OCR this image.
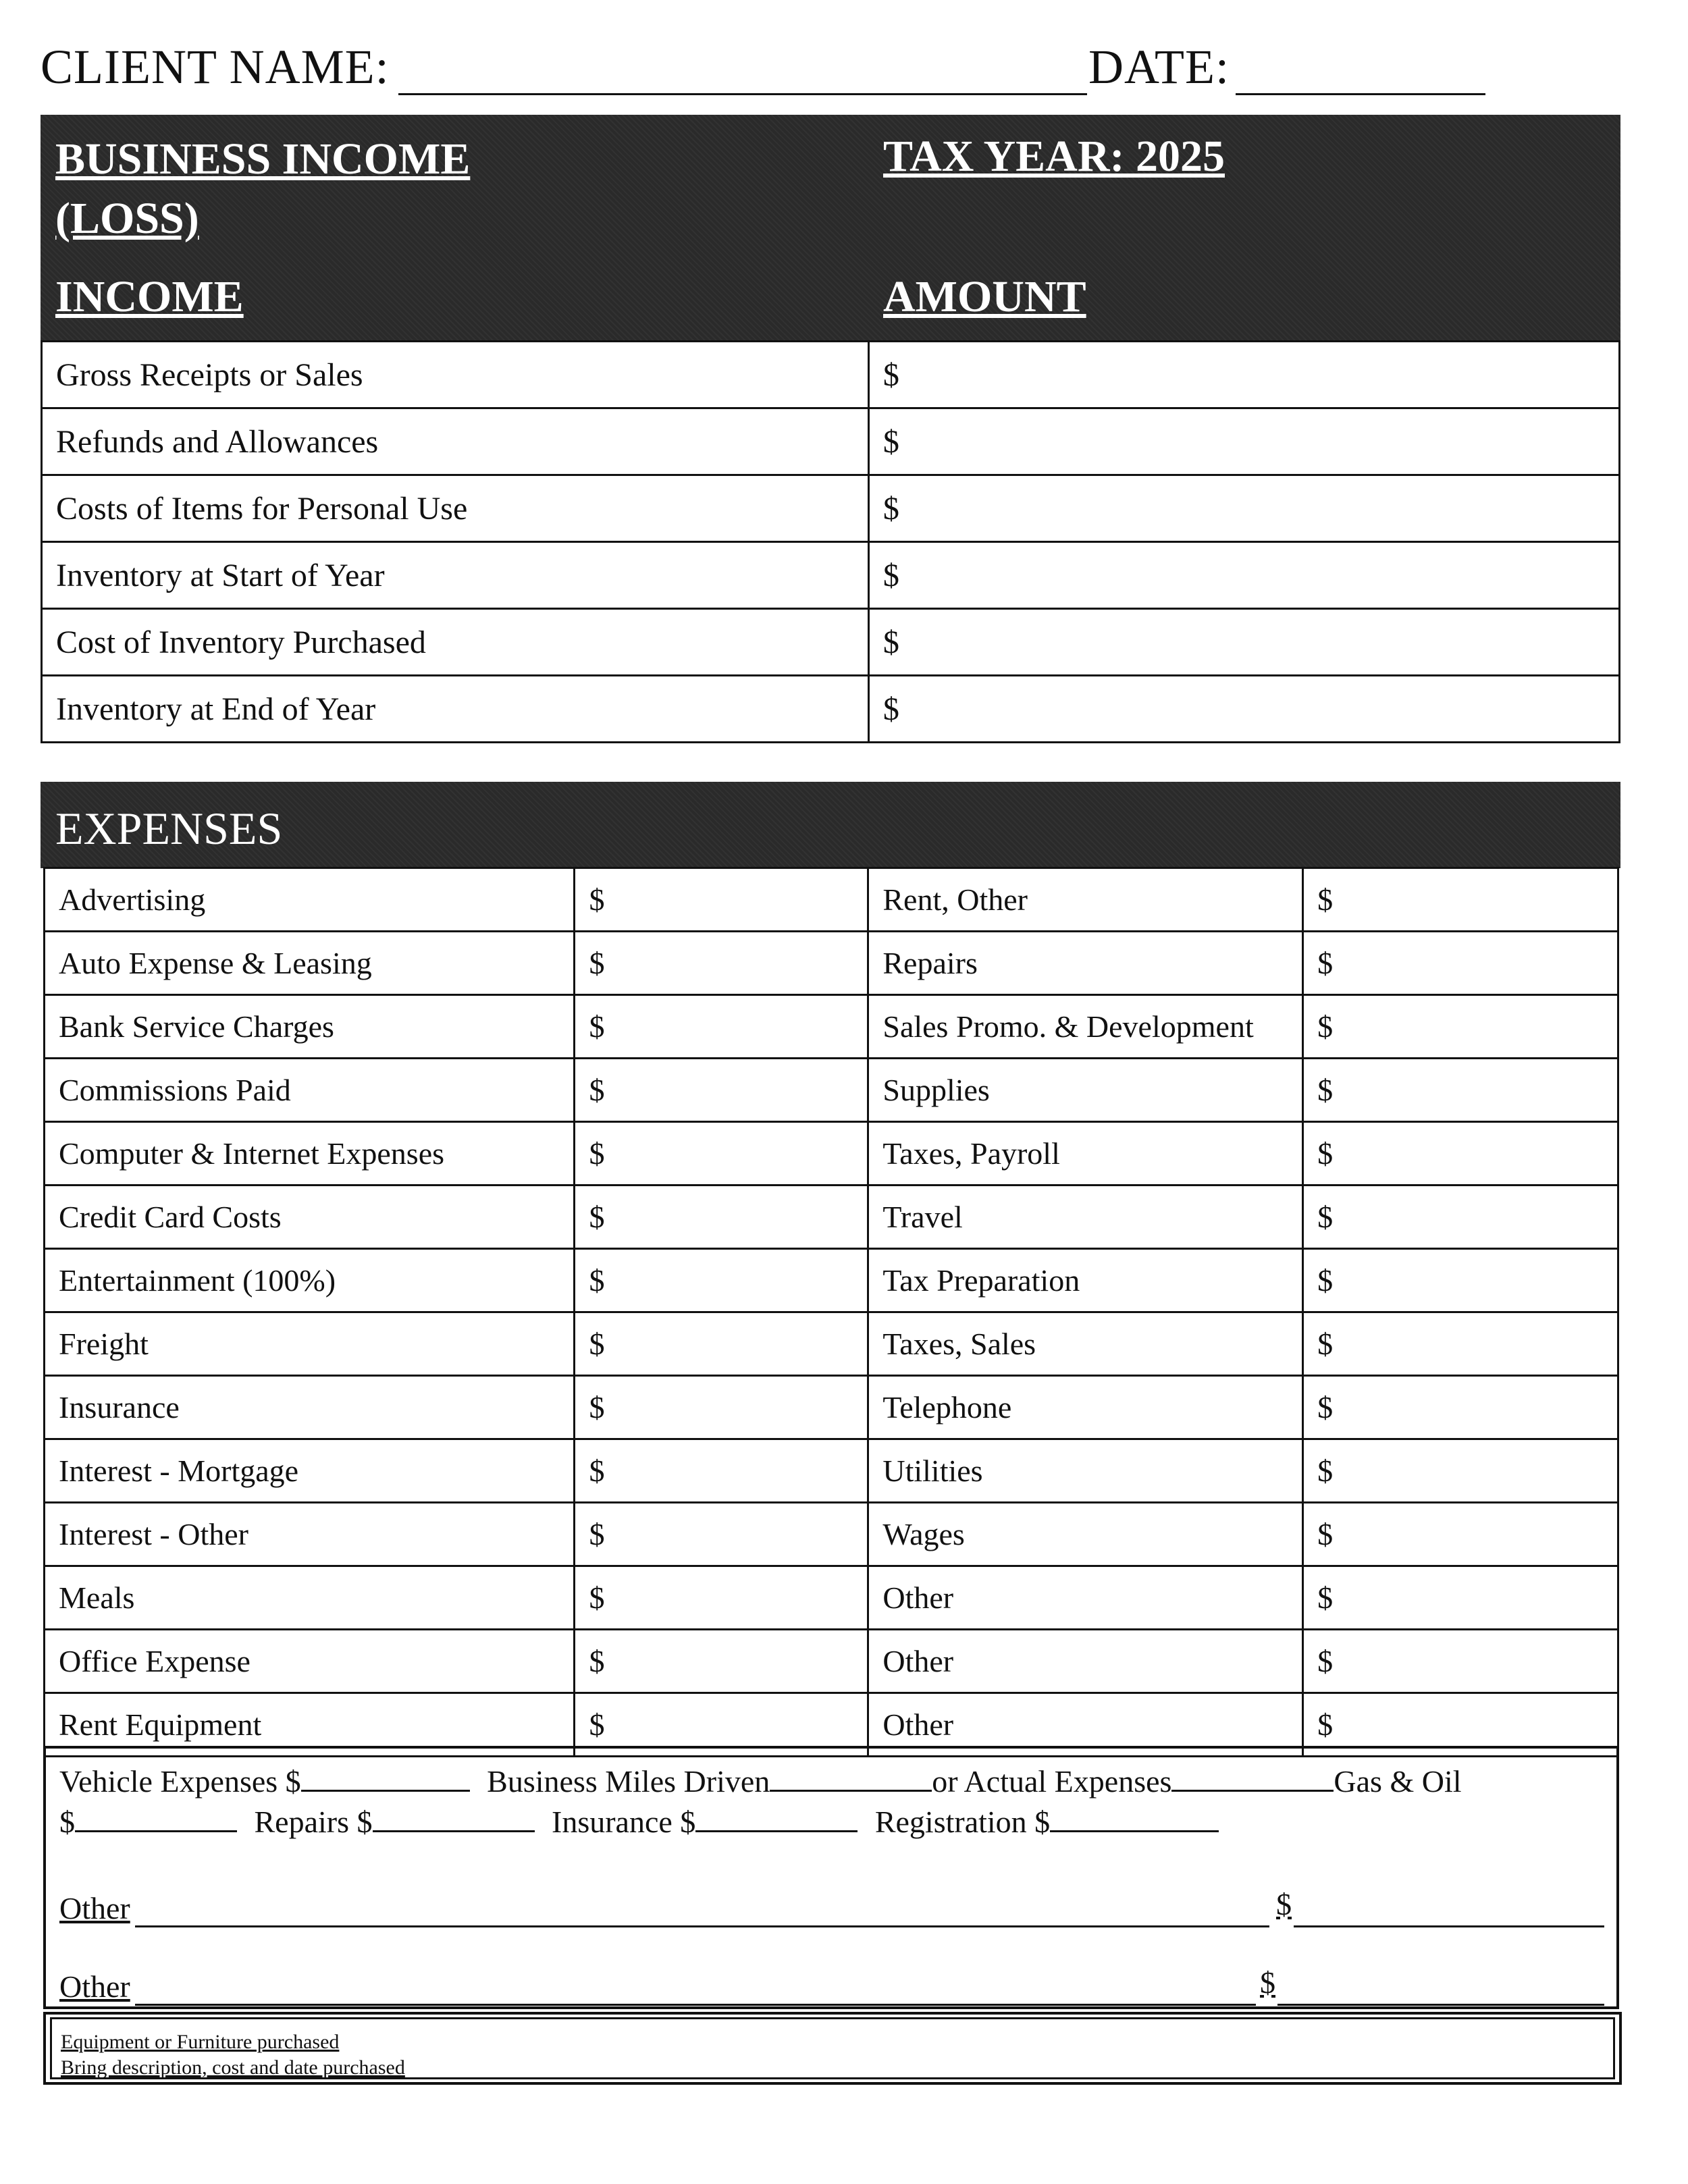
CLIENT NAME:	DATE:
BUSINESS INCOME
(LOSS)
TAX YEAR: 2025
INCOME	AMOUNT
Gross Receipts or Sales	$
Refunds and Allowances	$
Costs of Items for Personal Use	$
Inventory at Start of Year	$
Cost of Inventory Purchased	$
Inventory at End of Year	$
EXPENSES
Advertising	$	Rent, Other	$
Auto Expense & Leasing	$	Repairs	$
Bank Service Charges	$	Sales Promo. & Development	$
Commissions Paid	$	Supplies	$
Computer & Internet Expenses	$	Taxes, Payroll	$
Credit Card Costs	$	Travel	$
Entertainment (100%)	$	Tax Preparation	$
Freight	$	Taxes, Sales	$
Insurance	$	Telephone	$
Interest - Mortgage	$	Utilities	$
Interest - Other	$	Wages	$
Meals	$	Other	$
Office Expense	$	Other	$
Rent Equipment	$	Other	$
Vehicle Expenses $	Business Miles Driven	or Actual Expenses	Gas & Oil
$	Repairs $	Insurance $	Registration $
Other	$
Other	$
Equipment or Furniture purchased
Bring description, cost and date purchased
